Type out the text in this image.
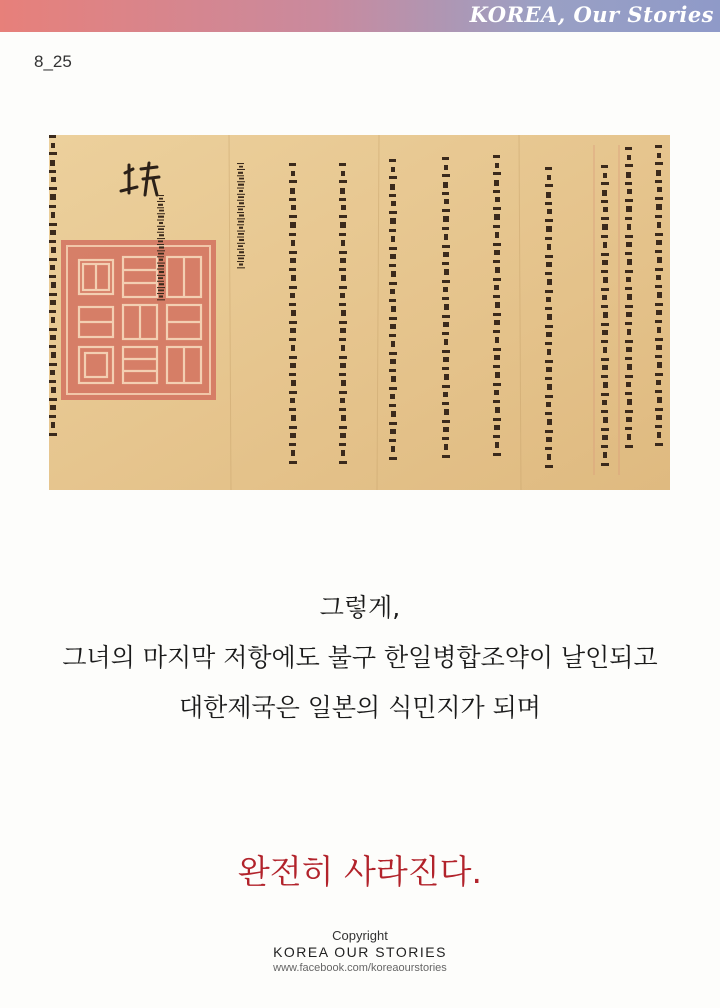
KOREA, Our Stories
8_25
그렇게,
그녀의 마지막 저항에도 불구 한일병합조약이 날인되고
대한제국은 일본의 식민지가 되며
완전히 사라진다.
Copyright
KOREA OUR STORIES
www.facebook.com/koreaourstories
